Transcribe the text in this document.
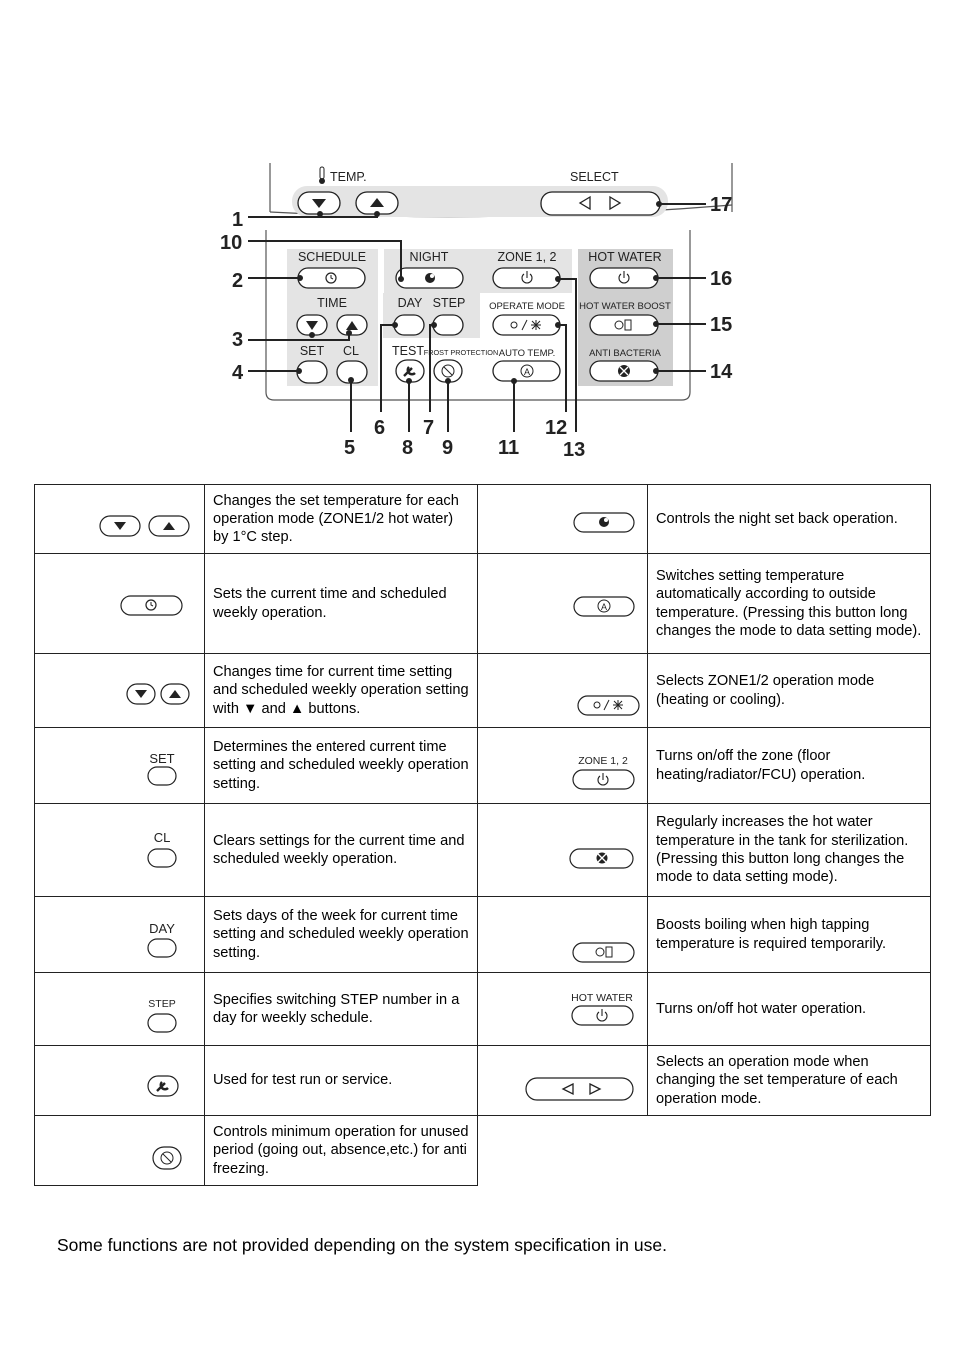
TEMP.	SELECT
SCHEDULE	NIGHT	ZONE 1, 2	HOT WATER
TIME	DAY STEP	OPERATE MODE HOT WATER BOOST
SET CL	TEST FROST PROTECTION AUTO TEMP.	ANTI BACTERIA
A
1
10
2
3
4
5
6 7
8 9 11
12
13
14
15
16
17
	Changes the set temperature for each operation mode (ZONE1/2 hot water) by 1°C step.		Controls the night set back operation.

	Sets the current time and scheduled weekly operation.	A	Switches setting temperature automatically according to outside temperature. (Pressing this button long changes the mode to data setting mode).

	Changes time for current time setting and scheduled weekly operation setting with ▼ and ▲ buttons.		Selects ZONE1/2 operation mode (heating or cooling).

SET	Determines the entered current time setting and scheduled weekly operation setting.	ZONE 1, 2	Turns on/off the zone (floor heating/radiator/FCU) operation.

CL	Clears settings for the current time and scheduled weekly operation.		Regularly increases the hot water temperature in the tank for sterilization. (Pressing this button long changes the mode to data setting mode).

DAY	Sets days of the week for current time setting and scheduled weekly operation setting.		Boosts boiling when high tapping temperature is required temporarily.

STEP	Specifies switching STEP number in a day for weekly schedule.	HOT WATER	Turns on/off hot water operation.

	Used for test run or service.		Selects an operation mode when changing the set temperature of each operation mode.

	Controls minimum operation for unused period (going out, absence,etc.) for anti freezing.		
Some functions are not provided depending on the system specification in use.
